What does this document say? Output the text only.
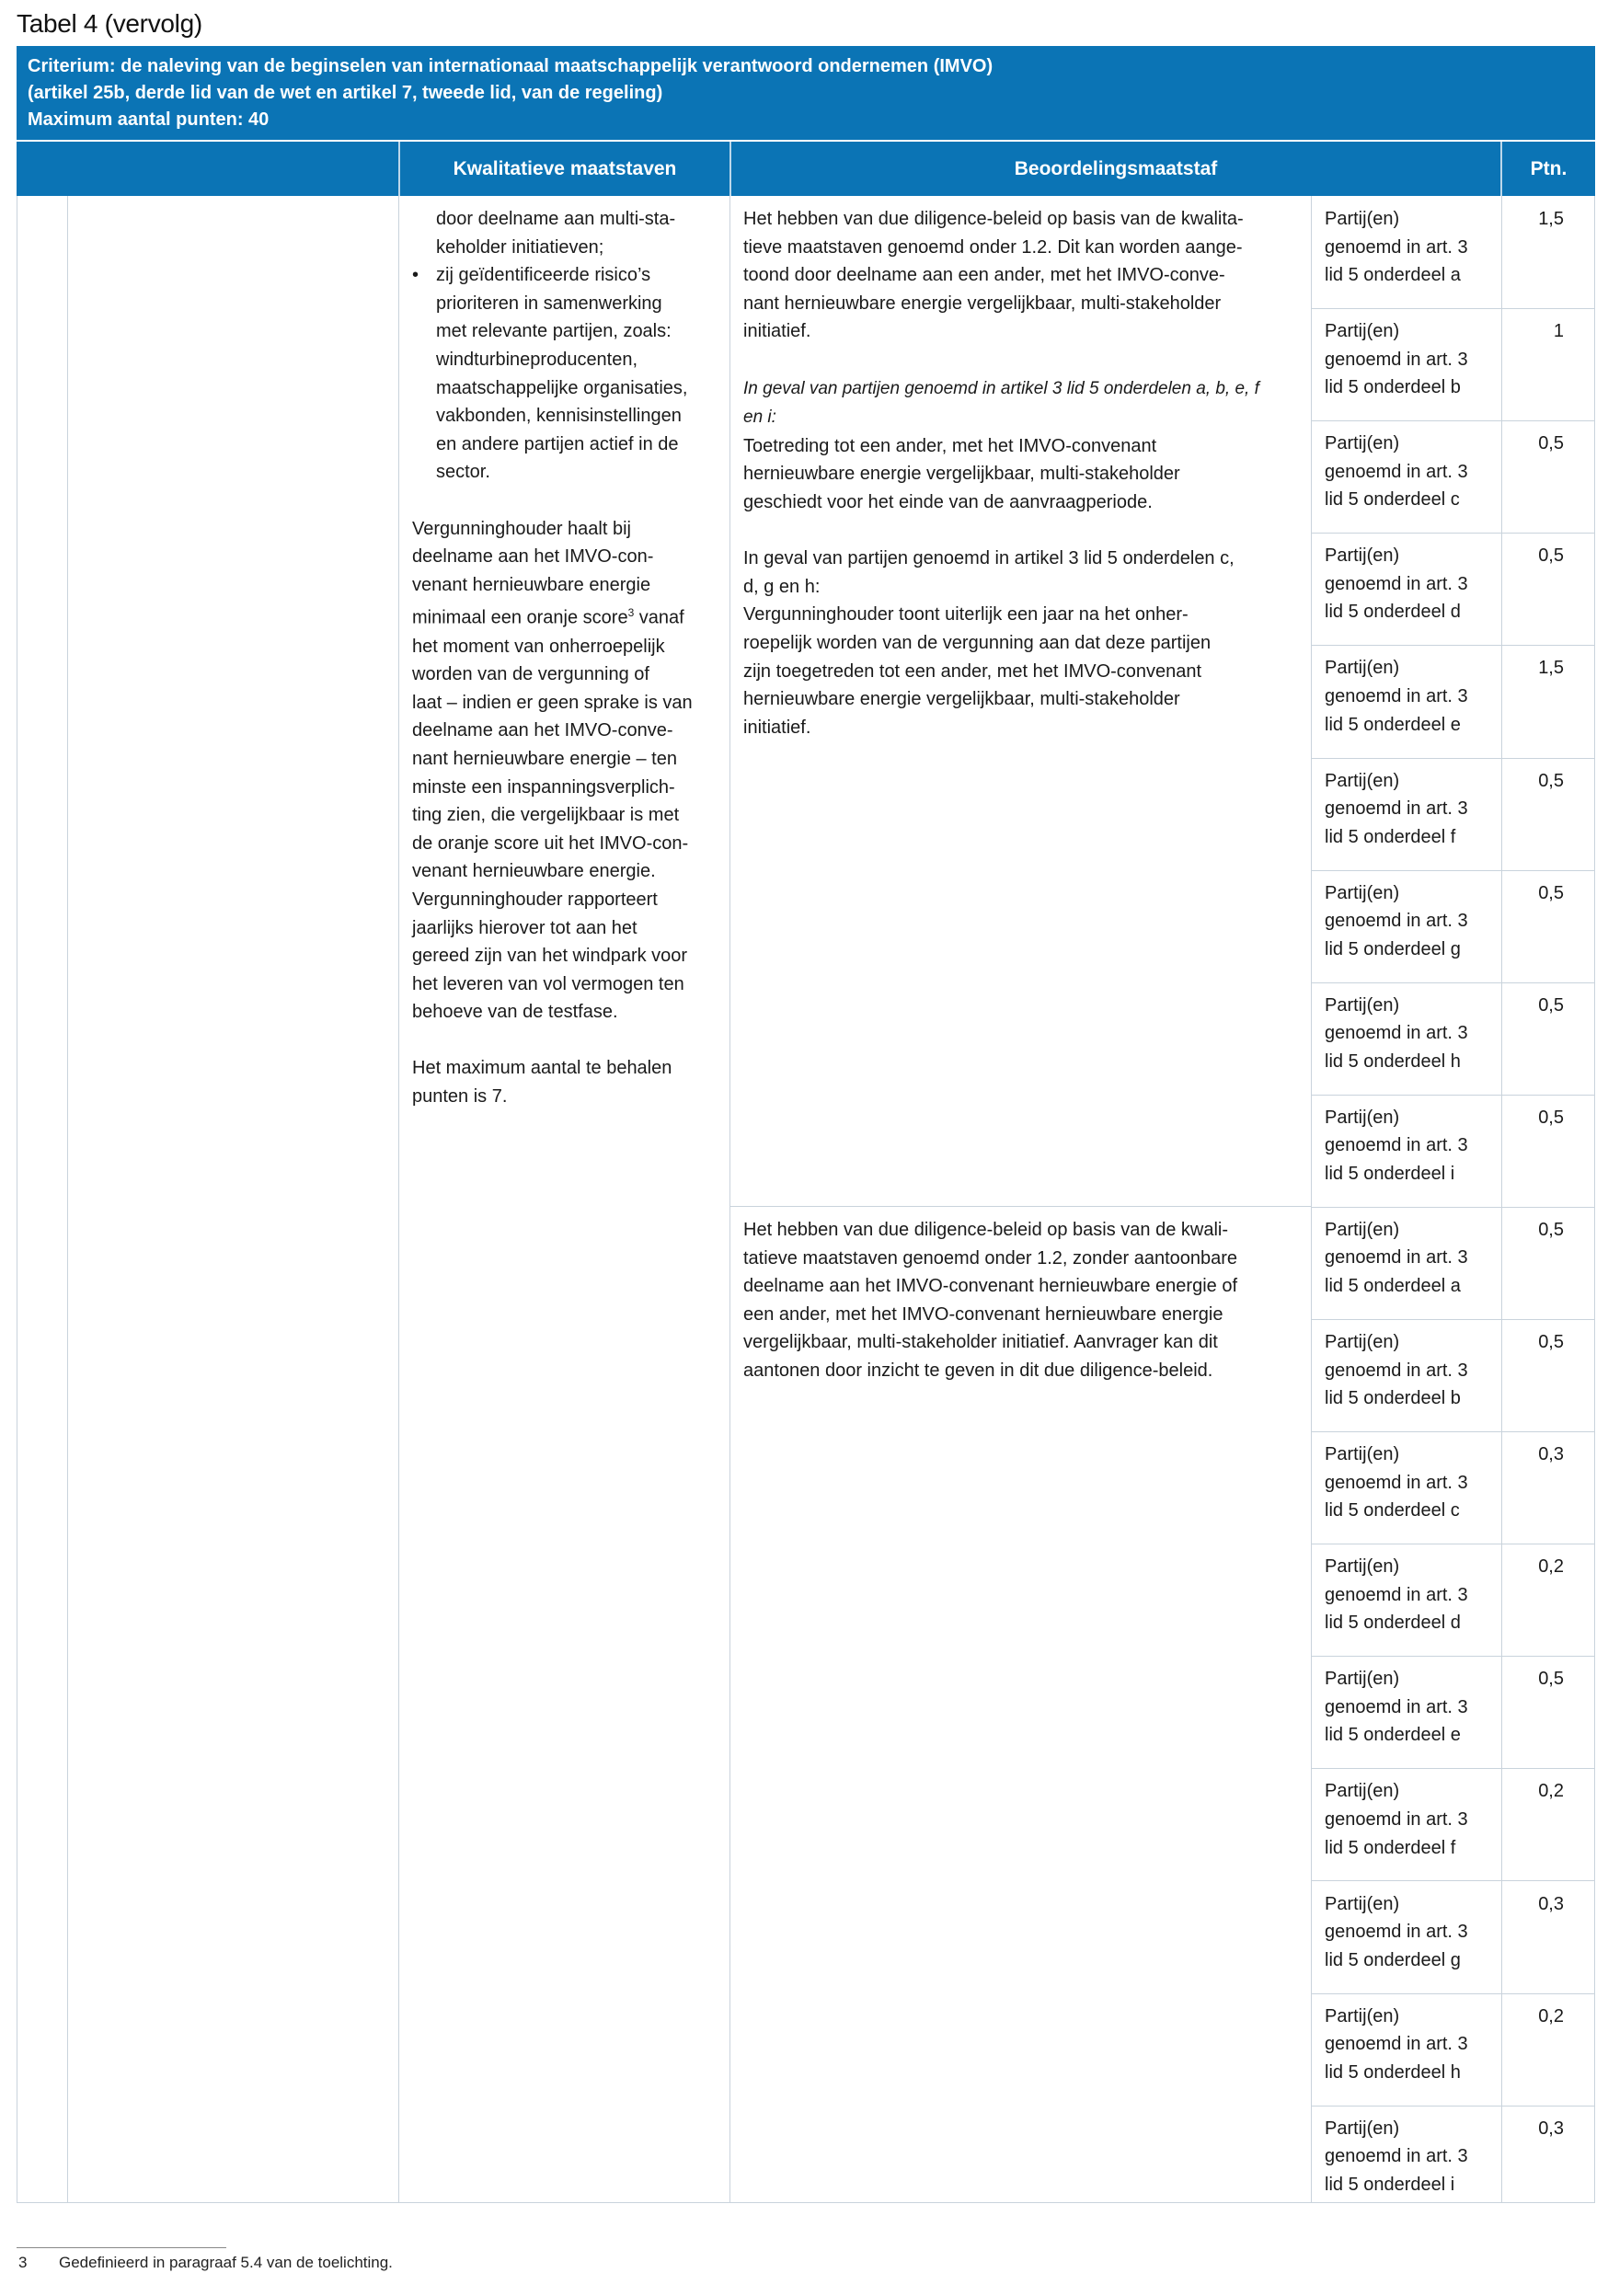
Tabel 4 (vervolg)
Criterium: de naleving van de beginselen van internationaal maatschappelijk verantwoord ondernemen (IMVO)
(artikel 25b, derde lid van de wet en artikel 7, tweede lid, van de regeling)
Maximum aantal punten: 40
Kwalitatieve maatstaven	Beoordelingsmaatstaf	Ptn.
door deelname aan multi-sta-
keholder initiatieven;
• zij geïdentificeerde risico’s
prioriteren in samenwerking
met relevante partijen, zoals:
windturbineproducenten,
maatschappelijke organisaties,
vakbonden, kennisinstellingen
en andere partijen actief in de
sector.

Vergunninghouder haalt bij
deelname aan het IMVO-con-
venant hernieuwbare energie
minimaal een oranje score$^3$ vanaf
het moment van onherroepelijk
worden van de vergunning of
laat – indien er geen sprake is van
deelname aan het IMVO-conve-
nant hernieuwbare energie – ten
minste een inspanningsverplich-
ting zien, die vergelijkbaar is met
de oranje score uit het IMVO-con-
venant hernieuwbare energie.
Vergunninghouder rapporteert
jaarlijks hierover tot aan het
gereed zijn van het windpark voor
het leveren van vol vermogen ten
behoeve van de testfase.

Het maximum aantal te behalen
punten is 7.

Het hebben van due diligence-beleid op basis van de kwalita-
tieve maatstaven genoemd onder 1.2. Dit kan worden aange-
toond door deelname aan een ander, met het IMVO-conve-
nant hernieuwbare energie vergelijkbaar, multi-stakeholder
initiatief.

In geval van partijen genoemd in artikel 3 lid 5 onderdelen a, b, e, f
en i:
Toetreding tot een ander, met het IMVO-convenant
hernieuwbare energie vergelijkbaar, multi-stakeholder
geschiedt voor het einde van de aanvraagperiode.

In geval van partijen genoemd in artikel 3 lid 5 onderdelen c,
d, g en h:
Vergunninghouder toont uiterlijk een jaar na het onher-
roepelijk worden van de vergunning aan dat deze partijen
zijn toegetreden tot een ander, met het IMVO-convenant
hernieuwbare energie vergelijkbaar, multi-stakeholder
initiatief.

Het hebben van due diligence-beleid op basis van de kwali-
tatieve maatstaven genoemd onder 1.2, zonder aantoonbare
deelname aan het IMVO-convenant hernieuwbare energie of
een ander, met het IMVO-convenant hernieuwbare energie
vergelijkbaar, multi-stakeholder initiatief. Aanvrager kan dit
aantonen door inzicht te geven in dit due diligence-beleid.

Partij(en)
genoemd in art. 3
lid 5 onderdeel a
1,5
Partij(en)
genoemd in art. 3
lid 5 onderdeel b
1
Partij(en)
genoemd in art. 3
lid 5 onderdeel c
0,5
Partij(en)
genoemd in art. 3
lid 5 onderdeel d
0,5
Partij(en)
genoemd in art. 3
lid 5 onderdeel e
1,5
Partij(en)
genoemd in art. 3
lid 5 onderdeel f
0,5
Partij(en)
genoemd in art. 3
lid 5 onderdeel g
0,5
Partij(en)
genoemd in art. 3
lid 5 onderdeel h
0,5
Partij(en)
genoemd in art. 3
lid 5 onderdeel i
0,5
Partij(en)
genoemd in art. 3
lid 5 onderdeel a
0,5
Partij(en)
genoemd in art. 3
lid 5 onderdeel b
0,5
Partij(en)
genoemd in art. 3
lid 5 onderdeel c
0,3
Partij(en)
genoemd in art. 3
lid 5 onderdeel d
0,2
Partij(en)
genoemd in art. 3
lid 5 onderdeel e
0,5
Partij(en)
genoemd in art. 3
lid 5 onderdeel f
0,2
Partij(en)
genoemd in art. 3
lid 5 onderdeel g
0,3
Partij(en)
genoemd in art. 3
lid 5 onderdeel h
0,2
Partij(en)
genoemd in art. 3
lid 5 onderdeel i
0,3
3 Gedefinieerd in paragraaf 5.4 van de toelichting.
